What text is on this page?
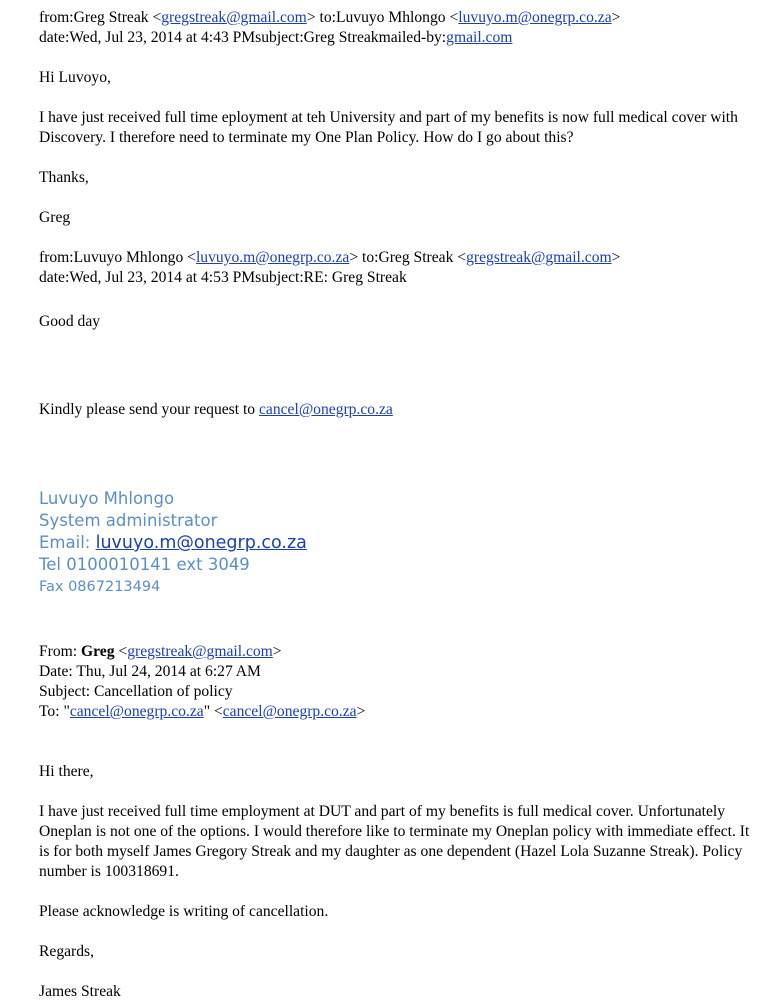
from:Greg Streak <gregstreak@gmail.com> to:Luvuyo Mhlongo <luvuyo.m@onegrp.co.za>
date:Wed, Jul 23, 2014 at 4:43 PMsubject:Greg Streakmailed-by:gmail.com
Hi Luvoyo,
I have just received full time eployment at teh University and part of my benefits is now full medical cover with Discovery. I therefore need to terminate my One Plan Policy. How do I go about this?
Thanks,
Greg
from:Luvuyo Mhlongo <luvuyo.m@onegrp.co.za> to:Greg Streak <gregstreak@gmail.com>
date:Wed, Jul 23, 2014 at 4:53 PMsubject:RE: Greg Streak
Good day
Kindly please send your request to cancel@onegrp.co.za
Luvuyo Mhlongo
System administrator
Email: luvuyo.m@onegrp.co.za
Tel 0100010141 ext 3049
Fax 0867213494
From: Greg <gregstreak@gmail.com>
Date: Thu, Jul 24, 2014 at 6:27 AM
Subject: Cancellation of policy
To: "cancel@onegrp.co.za" <cancel@onegrp.co.za>
Hi there,
I have just received full time employment at DUT and part of my benefits is full medical cover. Unfortunately Oneplan is not one of the options. I would therefore like to terminate my Oneplan policy with immediate effect. It is for both myself James Gregory Streak and my daughter as one dependent (Hazel Lola Suzanne Streak). Policy number is 100318691.
Please acknowledge is writing of cancellation.
Regards,
James Streak
